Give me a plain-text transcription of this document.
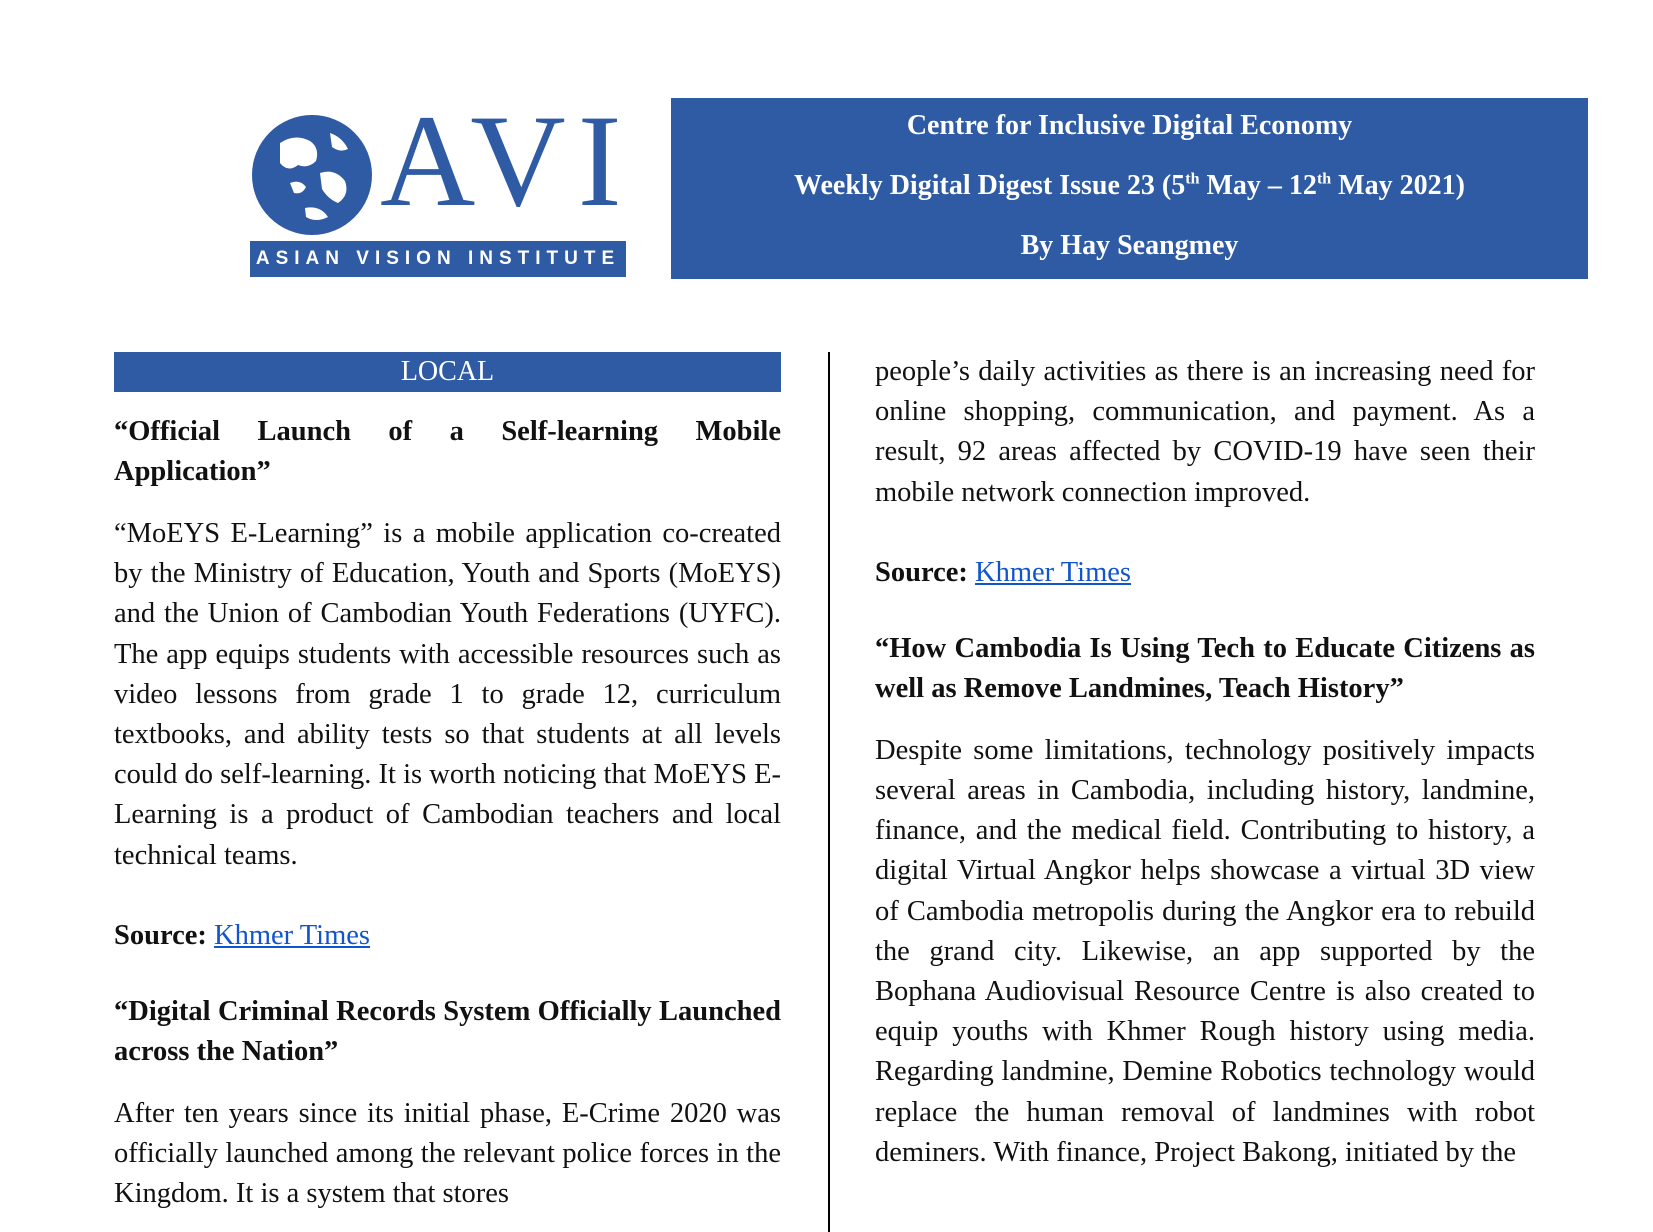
AVI
ASIAN VISION INSTITUTE
Centre for Inclusive Digital Economy
Weekly Digital Digest Issue 23 (5th May – 12th May 2021)
By Hay Seangmey
LOCAL

“Official Launch of a Self-learning Mobile Application”

“MoEYS E-Learning” is a mobile application co-created by the Ministry of Education, Youth and Sports (MoEYS) and the Union of Cambodian Youth Federations (UYFC). The app equips students with accessible resources such as video lessons from grade 1 to grade 12, curriculum textbooks, and ability tests so that students at all levels could do self-learning. It is worth noticing that MoEYS E-Learning is a product of Cambodian teachers and local technical teams.

Source: Khmer Times

“Digital Criminal Records System Officially Launched across the Nation”

After ten years since its initial phase, E-Crime 2020 was officially launched among the relevant police forces in the Kingdom. It is a system that stores

people’s daily activities as there is an increasing need for online shopping, communication, and payment. As a result, 92 areas affected by COVID-19 have seen their mobile network connection improved.

Source: Khmer Times

“How Cambodia Is Using Tech to Educate Citizens as well as Remove Landmines, Teach History”

Despite some limitations, technology positively impacts several areas in Cambodia, including history, landmine, finance, and the medical field. Contributing to history, a digital Virtual Angkor helps showcase a virtual 3D view of Cambodia metropolis during the Angkor era to rebuild the grand city. Likewise, an app supported by the Bophana Audiovisual Resource Centre is also created to equip youths with Khmer Rough history using media. Regarding landmine, Demine Robotics technology would replace the human removal of landmines with robot deminers. With finance, Project Bakong, initiated by the
